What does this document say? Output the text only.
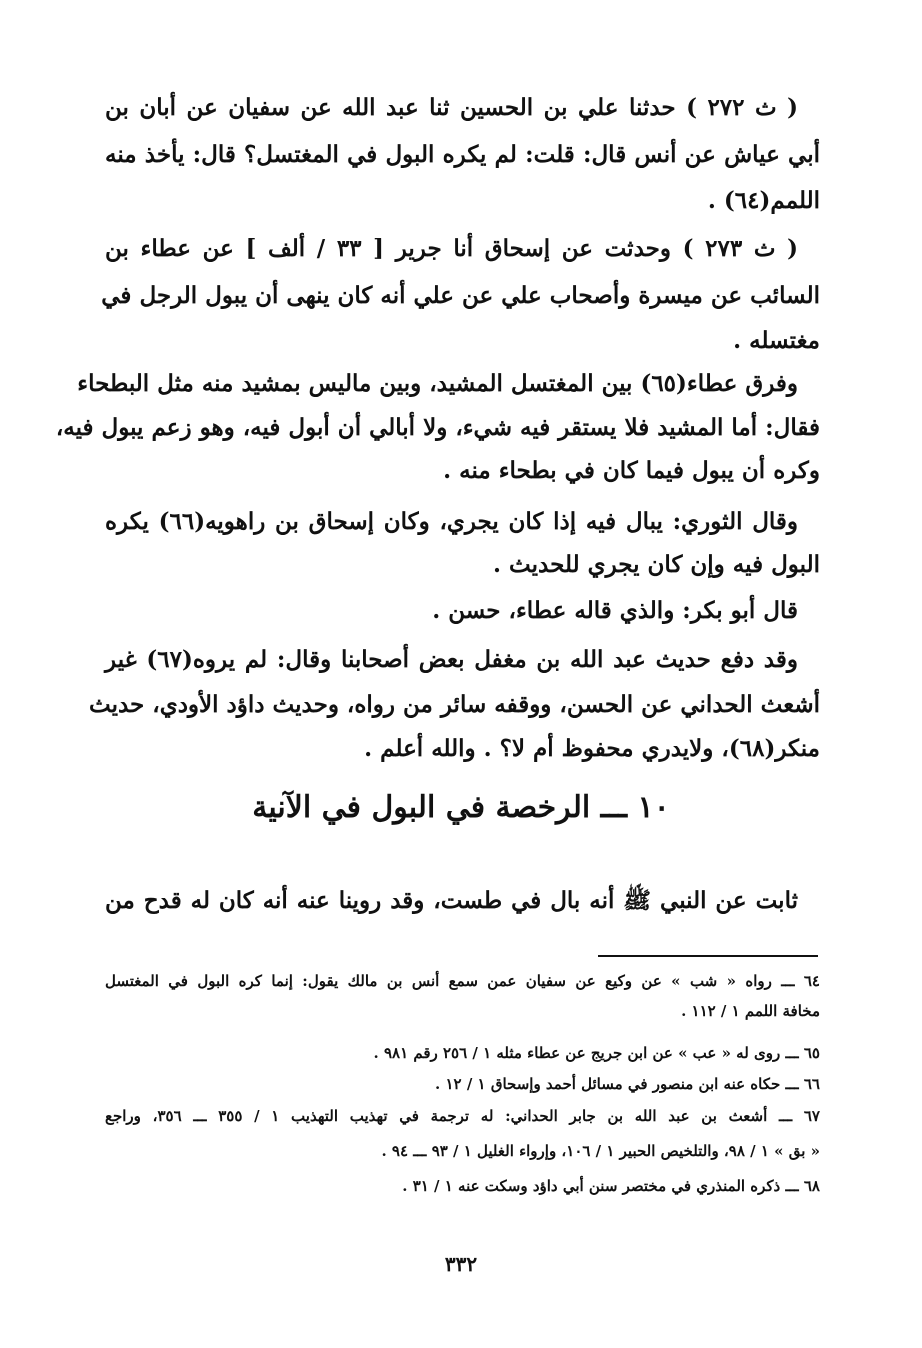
( ث ٢٧٢ ) حدثنا علي بن الحسين ثنا عبد الله عن سفيان عن أبان بن
أبي عياش عن أنس قال: قلت: لم يكره البول في المغتسل؟ قال: يأخذ منه
اللمم(٦٤) .
( ث ٢٧٣ ) وحدثت عن إسحاق أنا جرير [ ٣٣ / ألف ] عن عطاء بن
السائب عن ميسرة وأصحاب علي عن علي أنه كان ينهى أن يبول الرجل في
مغتسله .
وفرق عطاء(٦٥) بين المغتسل المشيد، وبين ماليس بمشيد منه مثل البطحاء
فقال: أما المشيد فلا يستقر فيه شيء، ولا أبالي أن أبول فيه، وهو زعم يبول فيه،
وكره أن يبول فيما كان في بطحاء منه .
وقال الثوري: يبال فيه إذا كان يجري، وكان إسحاق بن راهويه(٦٦) يكره
البول فيه وإن كان يجري للحديث .
قال أبو بكر: والذي قاله عطاء، حسن .
وقد دفع حديث عبد الله بن مغفل بعض أصحابنا وقال: لم يروه(٦٧) غير
أشعث الحداني عن الحسن، ووقفه سائر من رواه، وحديث داؤد الأودي، حديث
منكر(٦٨)، ولايدري محفوظ أم لا؟ . والله أعلم .
١٠ ـــ الرخصة في البول في الآنية
ثابت عن النبي ﷺ أنه بال في طست، وقد روينا عنه أنه كان له قدح من
٦٤ ـــ رواه « شب » عن وكيع عن سفيان عمن سمع أنس بن مالك يقول: إنما كره البول في المغتسل
مخافة اللمم ١ / ١١٢ .
٦٥ ـــ روى له « عب » عن ابن جريج عن عطاء مثله ١ / ٢٥٦ رقم ٩٨١ .
٦٦ ـــ حكاه عنه ابن منصور في مسائل أحمد وإسحاق ١ / ١٢ .
٦٧ ـــ أشعث بن عبد الله بن جابر الحداني: له ترجمة في تهذيب التهذيب ١ / ٣٥٥ ـــ ٣٥٦، وراجع
« بق » ١ / ٩٨، والتلخيص الحبير ١ / ١٠٦، وإرواء الغليل ١ / ٩٣ ـــ ٩٤ .
٦٨ ـــ ذكره المنذري في مختصر سنن أبي داؤد وسكت عنه ١ / ٣١ .
٣٣٢
